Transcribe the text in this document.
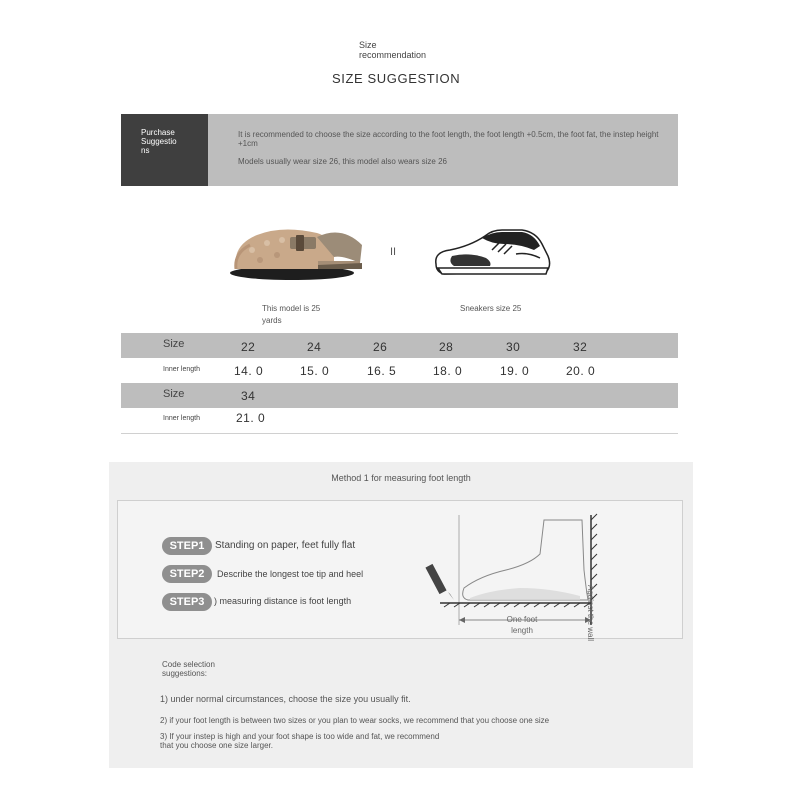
Size recommendation
SIZE SUGGESTION
Purchase Suggestions
It is recommended to choose the size according to the foot length, the foot length +0.5cm, the foot fat, the instep height +1cm
Models usually wear size 26, this model also wears size 26
II
This model is 25 yards
Sneakers size 25
Size	22	24	26	28	30	32
Inner length	14. 0	15. 0	16. 5	18. 0	19. 0	20. 0
Size	34
Inner length	21. 0
Method 1 for measuring foot length
STEP1	Standing on paper, feet fully flat
STEP2	Describe the longest toe tip and heel
STEP3	) measuring distance is foot length
One foot length	Against the wall
Code selection suggestions:
1) under normal circumstances, choose the size you usually fit.
2) if your foot length is between two sizes or you plan to wear socks, we recommend that you choose one size
3) If your instep is high and your foot shape is too wide and fat, we recommend that you choose one size larger.
